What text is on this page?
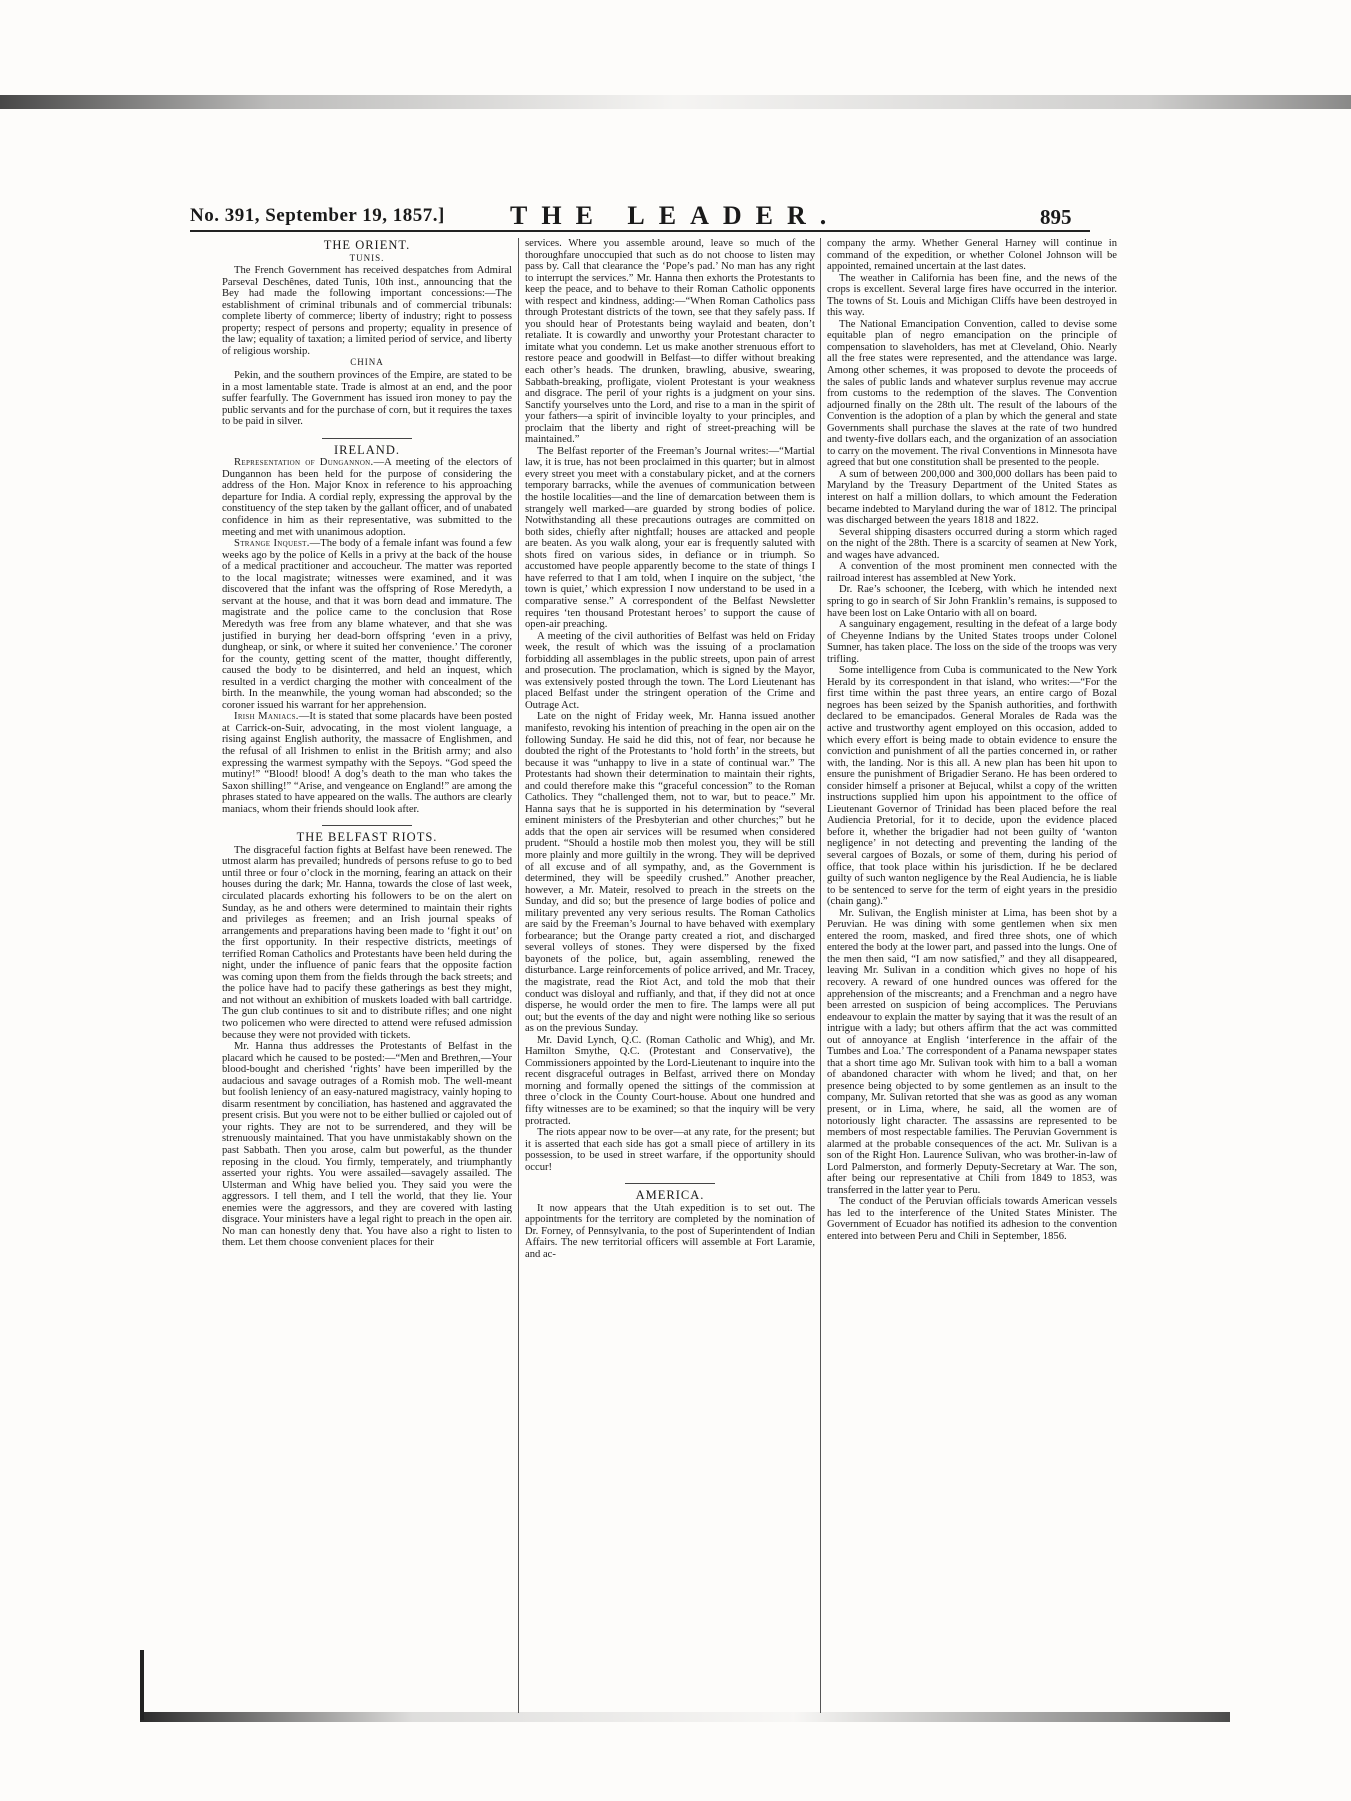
No. 391, September 19, 1857.]	THE LEADER.	895
THE ORIENT.
TUNIS.

The French Government has received despatches from Admiral Parseval Deschênes, dated Tunis, 10th inst., announcing that the Bey had made the following important concessions:—The establishment of criminal tribunals and of commercial tribunals: complete liberty of commerce; liberty of industry; right to possess property; respect of persons and property; equality in presence of the law; equality of taxation; a limited period of service, and liberty of religious worship.

CHINA

Pekin, and the southern provinces of the Empire, are stated to be in a most lamentable state. Trade is almost at an end, and the poor suffer fearfully. The Government has issued iron money to pay the public servants and for the purchase of corn, but it requires the taxes to be paid in silver.

IRELAND.

Representation of Dungannon.—A meeting of the electors of Dungannon has been held for the purpose of considering the address of the Hon. Major Knox in reference to his approaching departure for India. A cordial reply, expressing the approval by the constituency of the step taken by the gallant officer, and of unabated confidence in him as their representative, was submitted to the meeting and met with unanimous adoption.

Strange Inquest.—The body of a female infant was found a few weeks ago by the police of Kells in a privy at the back of the house of a medical practitioner and accoucheur. The matter was reported to the local magistrate; witnesses were examined, and it was discovered that the infant was the offspring of Rose Meredyth, a servant at the house, and that it was born dead and immature. The magistrate and the police came to the conclusion that Rose Meredyth was free from any blame whatever, and that she was justified in burying her dead-born offspring ‘even in a privy, dungheap, or sink, or where it suited her convenience.’ The coroner for the county, getting scent of the matter, thought differently, caused the body to be disinterred, and held an inquest, which resulted in a verdict charging the mother with concealment of the birth. In the meanwhile, the young woman had absconded; so the coroner issued his warrant for her apprehension.

Irish Maniacs.—It is stated that some placards have been posted at Carrick-on-Suir, advocating, in the most violent language, a rising against English authority, the massacre of Englishmen, and the refusal of all Irishmen to enlist in the British army; and also expressing the warmest sympathy with the Sepoys. “God speed the mutiny!” “Blood! blood! A dog’s death to the man who takes the Saxon shilling!” “Arise, and vengeance on England!” are among the phrases stated to have appeared on the walls. The authors are clearly maniacs, whom their friends should look after.

THE BELFAST RIOTS.

The disgraceful faction fights at Belfast have been renewed. The utmost alarm has prevailed; hundreds of persons refuse to go to bed until three or four o’clock in the morning, fearing an attack on their houses during the dark; Mr. Hanna, towards the close of last week, circulated placards exhorting his followers to be on the alert on Sunday, as he and others were determined to maintain their rights and privileges as freemen; and an Irish journal speaks of arrangements and preparations having been made to ‘fight it out’ on the first opportunity. In their respective districts, meetings of terrified Roman Catholics and Protestants have been held during the night, under the influence of panic fears that the opposite faction was coming upon them from the fields through the back streets; and the police have had to pacify these gatherings as best they might, and not without an exhibition of muskets loaded with ball cartridge. The gun club continues to sit and to distribute rifles; and one night two policemen who were directed to attend were refused admission because they were not provided with tickets.

Mr. Hanna thus addresses the Protestants of Belfast in the placard which he caused to be posted:—“Men and Brethren,—Your blood-bought and cherished ‘rights’ have been imperilled by the audacious and savage outrages of a Romish mob. The well-meant but foolish leniency of an easy-natured magistracy, vainly hoping to disarm resentment by conciliation, has hastened and aggravated the present crisis. But you were not to be either bullied or cajoled out of your rights. They are not to be surrendered, and they will be strenuously maintained. That you have unmistakably shown on the past Sabbath. Then you arose, calm but powerful, as the thunder reposing in the cloud. You firmly, temperately, and triumphantly asserted your rights. You were assailed—savagely assailed. The Ulsterman and Whig have belied you. They said you were the aggressors. I tell them, and I tell the world, that they lie. Your enemies were the aggressors, and they are covered with lasting disgrace. Your ministers have a legal right to preach in the open air. No man can honestly deny that. You have also a right to listen to them. Let them choose convenient places for their

services. Where you assemble around, leave so much of the thoroughfare unoccupied that such as do not choose to listen may pass by. Call that clearance the ‘Pope’s pad.’ No man has any right to interrupt the services.” Mr. Hanna then exhorts the Protestants to keep the peace, and to behave to their Roman Catholic opponents with respect and kindness, adding:—“When Roman Catholics pass through Protestant districts of the town, see that they safely pass. If you should hear of Protestants being waylaid and beaten, don’t retaliate. It is cowardly and unworthy your Protestant character to imitate what you condemn. Let us make another strenuous effort to restore peace and goodwill in Belfast—to differ without breaking each other’s heads. The drunken, brawling, abusive, swearing, Sabbath-breaking, profligate, violent Protestant is your weakness and disgrace. The peril of your rights is a judgment on your sins. Sanctify yourselves unto the Lord, and rise to a man in the spirit of your fathers—a spirit of invincible loyalty to your principles, and proclaim that the liberty and right of street-preaching will be maintained.”

The Belfast reporter of the Freeman’s Journal writes:—“Martial law, it is true, has not been proclaimed in this quarter; but in almost every street you meet with a constabulary picket, and at the corners temporary barracks, while the avenues of communication between the hostile localities—and the line of demarcation between them is strangely well marked—are guarded by strong bodies of police. Notwithstanding all these precautions outrages are committed on both sides, chiefly after nightfall; houses are attacked and people are beaten. As you walk along, your ear is frequently saluted with shots fired on various sides, in defiance or in triumph. So accustomed have people apparently become to the state of things I have referred to that I am told, when I inquire on the subject, ‘the town is quiet,’ which expression I now understand to be used in a comparative sense.” A correspondent of the Belfast Newsletter requires ‘ten thousand Protestant heroes’ to support the cause of open-air preaching.

A meeting of the civil authorities of Belfast was held on Friday week, the result of which was the issuing of a proclamation forbidding all assemblages in the public streets, upon pain of arrest and prosecution. The proclamation, which is signed by the Mayor, was extensively posted through the town. The Lord Lieutenant has placed Belfast under the stringent operation of the Crime and Outrage Act.

Late on the night of Friday week, Mr. Hanna issued another manifesto, revoking his intention of preaching in the open air on the following Sunday. He said he did this, not of fear, nor because he doubted the right of the Protestants to ‘hold forth’ in the streets, but because it was “unhappy to live in a state of continual war.” The Protestants had shown their determination to maintain their rights, and could therefore make this “graceful concession” to the Roman Catholics. They “challenged them, not to war, but to peace.” Mr. Hanna says that he is supported in his determination by “several eminent ministers of the Presbyterian and other churches;” but he adds that the open air services will be resumed when considered prudent. “Should a hostile mob then molest you, they will be still more plainly and more guiltily in the wrong. They will be deprived of all excuse and of all sympathy, and, as the Government is determined, they will be speedily crushed.” Another preacher, however, a Mr. Mateir, resolved to preach in the streets on the Sunday, and did so; but the presence of large bodies of police and military prevented any very serious results. The Roman Catholics are said by the Freeman’s Journal to have behaved with exemplary forbearance; but the Orange party created a riot, and discharged several volleys of stones. They were dispersed by the fixed bayonets of the police, but, again assembling, renewed the disturbance. Large reinforcements of police arrived, and Mr. Tracey, the magistrate, read the Riot Act, and told the mob that their conduct was disloyal and ruffianly, and that, if they did not at once disperse, he would order the men to fire. The lamps were all put out; but the events of the day and night were nothing like so serious as on the previous Sunday.

Mr. David Lynch, Q.C. (Roman Catholic and Whig), and Mr. Hamilton Smythe, Q.C. (Protestant and Conservative), the Commissioners appointed by the Lord-Lieutenant to inquire into the recent disgraceful outrages in Belfast, arrived there on Monday morning and formally opened the sittings of the commission at three o’clock in the County Court-house. About one hundred and fifty witnesses are to be examined; so that the inquiry will be very protracted.

The riots appear now to be over—at any rate, for the present; but it is asserted that each side has got a small piece of artillery in its possession, to be used in street warfare, if the opportunity should occur!

AMERICA.

It now appears that the Utah expedition is to set out. The appointments for the territory are completed by the nomination of Dr. Forney, of Pennsylvania, to the post of Superintendent of Indian Affairs. The new territorial officers will assemble at Fort Laramie, and ac-

company the army. Whether General Harney will continue in command of the expedition, or whether Colonel Johnson will be appointed, remained uncertain at the last dates.

The weather in California has been fine, and the news of the crops is excellent. Several large fires have occurred in the interior. The towns of St. Louis and Michigan Cliffs have been destroyed in this way.

The National Emancipation Convention, called to devise some equitable plan of negro emancipation on the principle of compensation to slaveholders, has met at Cleveland, Ohio. Nearly all the free states were represented, and the attendance was large. Among other schemes, it was proposed to devote the proceeds of the sales of public lands and whatever surplus revenue may accrue from customs to the redemption of the slaves. The Convention adjourned finally on the 28th ult. The result of the labours of the Convention is the adoption of a plan by which the general and state Governments shall purchase the slaves at the rate of two hundred and twenty-five dollars each, and the organization of an association to carry on the movement. The rival Conventions in Minnesota have agreed that but one constitution shall be presented to the people.

A sum of between 200,000 and 300,000 dollars has been paid to Maryland by the Treasury Department of the United States as interest on half a million dollars, to which amount the Federation became indebted to Maryland during the war of 1812. The principal was discharged between the years 1818 and 1822.

Several shipping disasters occurred during a storm which raged on the night of the 28th. There is a scarcity of seamen at New York, and wages have advanced.

A convention of the most prominent men connected with the railroad interest has assembled at New York.

Dr. Rae’s schooner, the Iceberg, with which he intended next spring to go in search of Sir John Franklin’s remains, is supposed to have been lost on Lake Ontario with all on board.

A sanguinary engagement, resulting in the defeat of a large body of Cheyenne Indians by the United States troops under Colonel Sumner, has taken place. The loss on the side of the troops was very trifling.

Some intelligence from Cuba is communicated to the New York Herald by its correspondent in that island, who writes:—“For the first time within the past three years, an entire cargo of Bozal negroes has been seized by the Spanish authorities, and forthwith declared to be emancipados. General Morales de Rada was the active and trustworthy agent employed on this occasion, added to which every effort is being made to obtain evidence to ensure the conviction and punishment of all the parties concerned in, or rather with, the landing. Nor is this all. A new plan has been hit upon to ensure the punishment of Brigadier Serano. He has been ordered to consider himself a prisoner at Bejucal, whilst a copy of the written instructions supplied him upon his appointment to the office of Lieutenant Governor of Trinidad has been placed before the real Audiencia Pretorial, for it to decide, upon the evidence placed before it, whether the brigadier had not been guilty of ‘wanton negligence’ in not detecting and preventing the landing of the several cargoes of Bozals, or some of them, during his period of office, that took place within his jurisdiction. If he be declared guilty of such wanton negligence by the Real Audiencia, he is liable to be sentenced to serve for the term of eight years in the presidio (chain gang).”

Mr. Sulivan, the English minister at Lima, has been shot by a Peruvian. He was dining with some gentlemen when six men entered the room, masked, and fired three shots, one of which entered the body at the lower part, and passed into the lungs. One of the men then said, “I am now satisfied,” and they all disappeared, leaving Mr. Sulivan in a condition which gives no hope of his recovery. A reward of one hundred ounces was offered for the apprehension of the miscreants; and a Frenchman and a negro have been arrested on suspicion of being accomplices. The Peruvians endeavour to explain the matter by saying that it was the result of an intrigue with a lady; but others affirm that the act was committed out of annoyance at English ‘interference in the affair of the Tumbes and Loa.’ The correspondent of a Panama newspaper states that a short time ago Mr. Sulivan took with him to a ball a woman of abandoned character with whom he lived; and that, on her presence being objected to by some gentlemen as an insult to the company, Mr. Sulivan retorted that she was as good as any woman present, or in Lima, where, he said, all the women are of notoriously light character. The assassins are represented to be members of most respectable families. The Peruvian Government is alarmed at the probable consequences of the act. Mr. Sulivan is a son of the Right Hon. Laurence Sulivan, who was brother-in-law of Lord Palmerston, and formerly Deputy-Secretary at War. The son, after being our representative at Chili from 1849 to 1853, was transferred in the latter year to Peru.

The conduct of the Peruvian officials towards American vessels has led to the interference of the United States Minister. The Government of Ecuador has notified its adhesion to the convention entered into between Peru and Chili in September, 1856.
